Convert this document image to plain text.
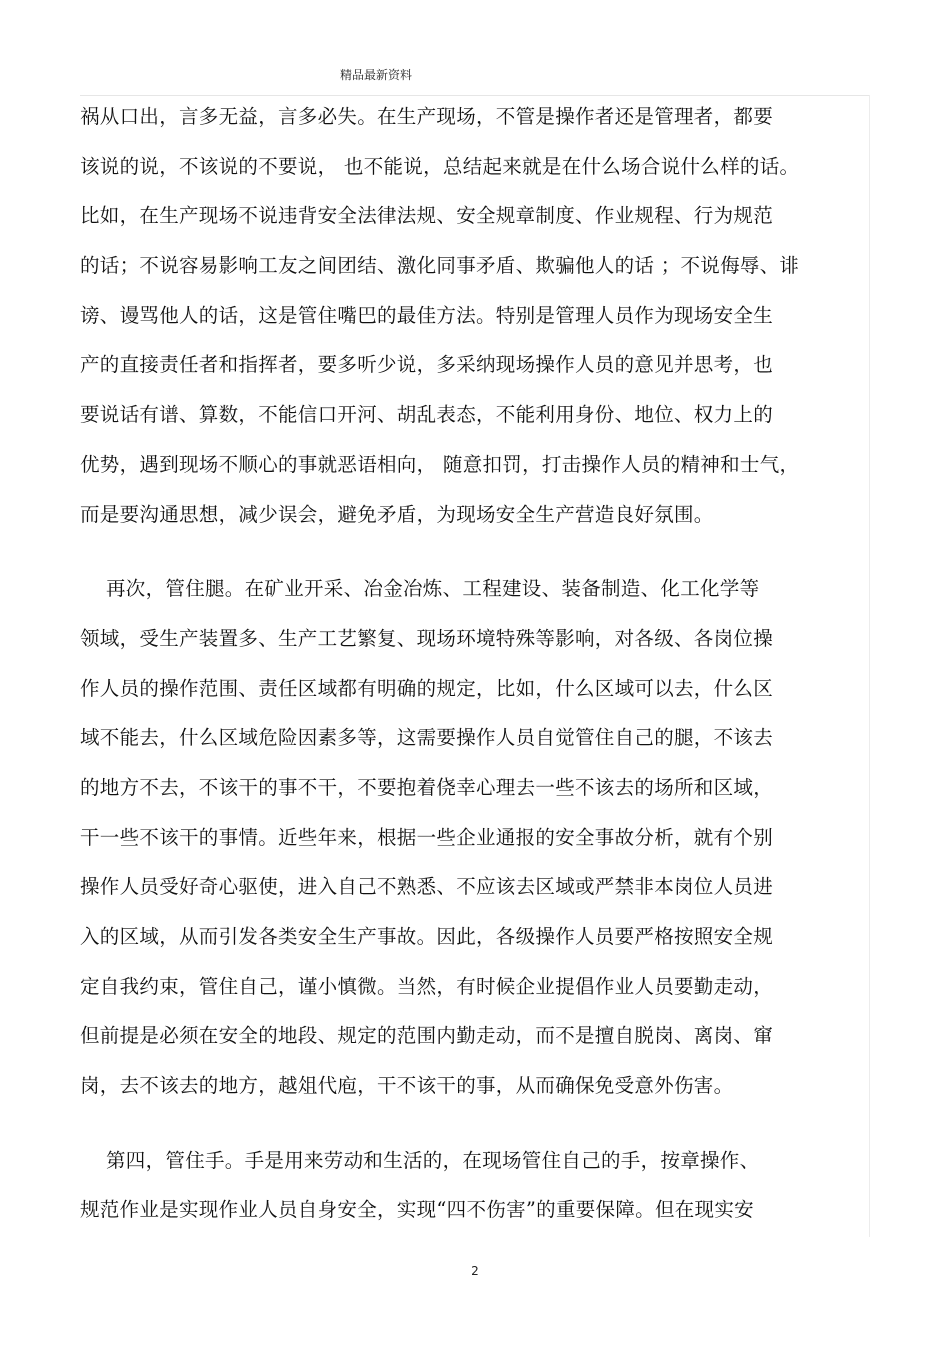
精品最新资料
祸从口出，言多无益，言多必失。在生产现场，不管是操作者还是管理者，都要
该说的说，不该说的不要说， 也不能说，总结起来就是在什么场合说什么样的话。
比如，在生产现场不说违背安全法律法规、安全规章制度、作业规程、行为规范
的话；不说容易影响工友之间团结、激化同事矛盾、欺骗他人的话 ；不说侮辱、诽
谤、谩骂他人的话，这是管住嘴巴的最佳方法。特别是管理人员作为现场安全生
产的直接责任者和指挥者，要多听少说，多采纳现场操作人员的意见并思考，也
要说话有谱、算数，不能信口开河、胡乱表态，不能利用身份、地位、权力上的
优势，遇到现场不顺心的事就恶语相向， 随意扣罚，打击操作人员的精神和士气，
而是要沟通思想，减少误会，避免矛盾，为现场安全生产营造良好氛围。
再次，管住腿。在矿业开采、冶金冶炼、工程建设、装备制造、化工化学等
领域，受生产装置多、生产工艺繁复、现场环境特殊等影响，对各级、各岗位操
作人员的操作范围、责任区域都有明确的规定，比如，什么区域可以去，什么区
域不能去，什么区域危险因素多等，这需要操作人员自觉管住自己的腿，不该去
的地方不去，不该干的事不干，不要抱着侥幸心理去一些不该去的场所和区域，
干一些不该干的事情。近些年来，根据一些企业通报的安全事故分析，就有个别
操作人员受好奇心驱使，进入自己不熟悉、不应该去区域或严禁非本岗位人员进
入的区域，从而引发各类安全生产事故。因此，各级操作人员要严格按照安全规
定自我约束，管住自己，谨小慎微。当然，有时候企业提倡作业人员要勤走动，
但前提是必须在安全的地段、规定的范围内勤走动，而不是擅自脱岗、离岗、窜
岗，去不该去的地方，越俎代庖，干不该干的事，从而确保免受意外伤害。
第四，管住手。手是用来劳动和生活的，在现场管住自己的手，按章操作、
规范作业是实现作业人员自身安全，实现“四不伤害”的重要保障。但在现实安
2
